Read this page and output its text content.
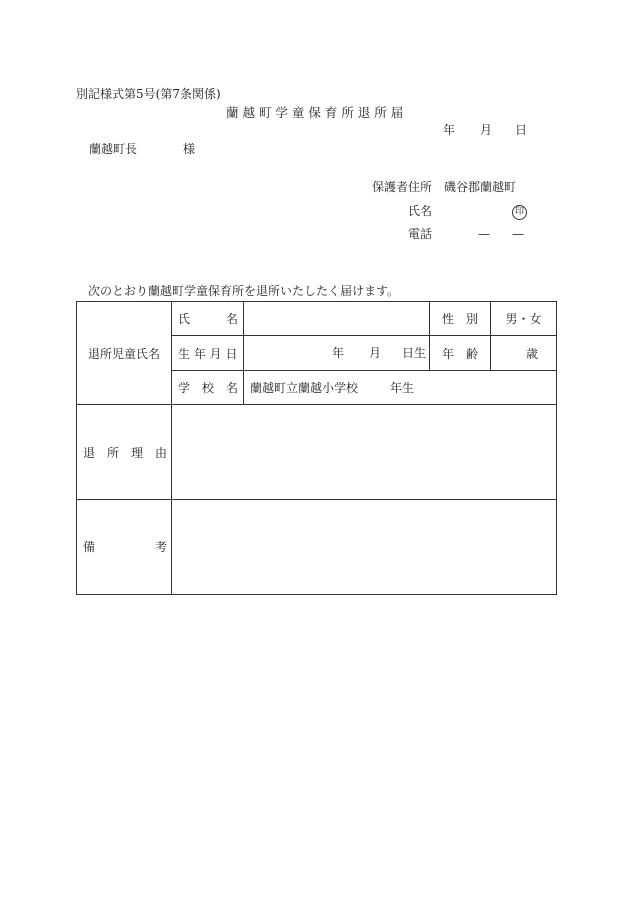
別記様式第5号(第7条関係)
蘭 越 町 学 童 保 育 所 退 所 届
年 月 日
蘭越町長	様
保護者住所 磯谷郡蘭越町
氏名	印
電話	— —
次のとおり蘭越町学童保育所を退所いたしたく届けます。
退所児童氏名	氏　　　名		性　別	男・女
	生 年 月 日	年 月 日生	年　齢	歳
	学　校　名	蘭越町立蘭越小学校 年生		

退　所　理　由				

備 考				
